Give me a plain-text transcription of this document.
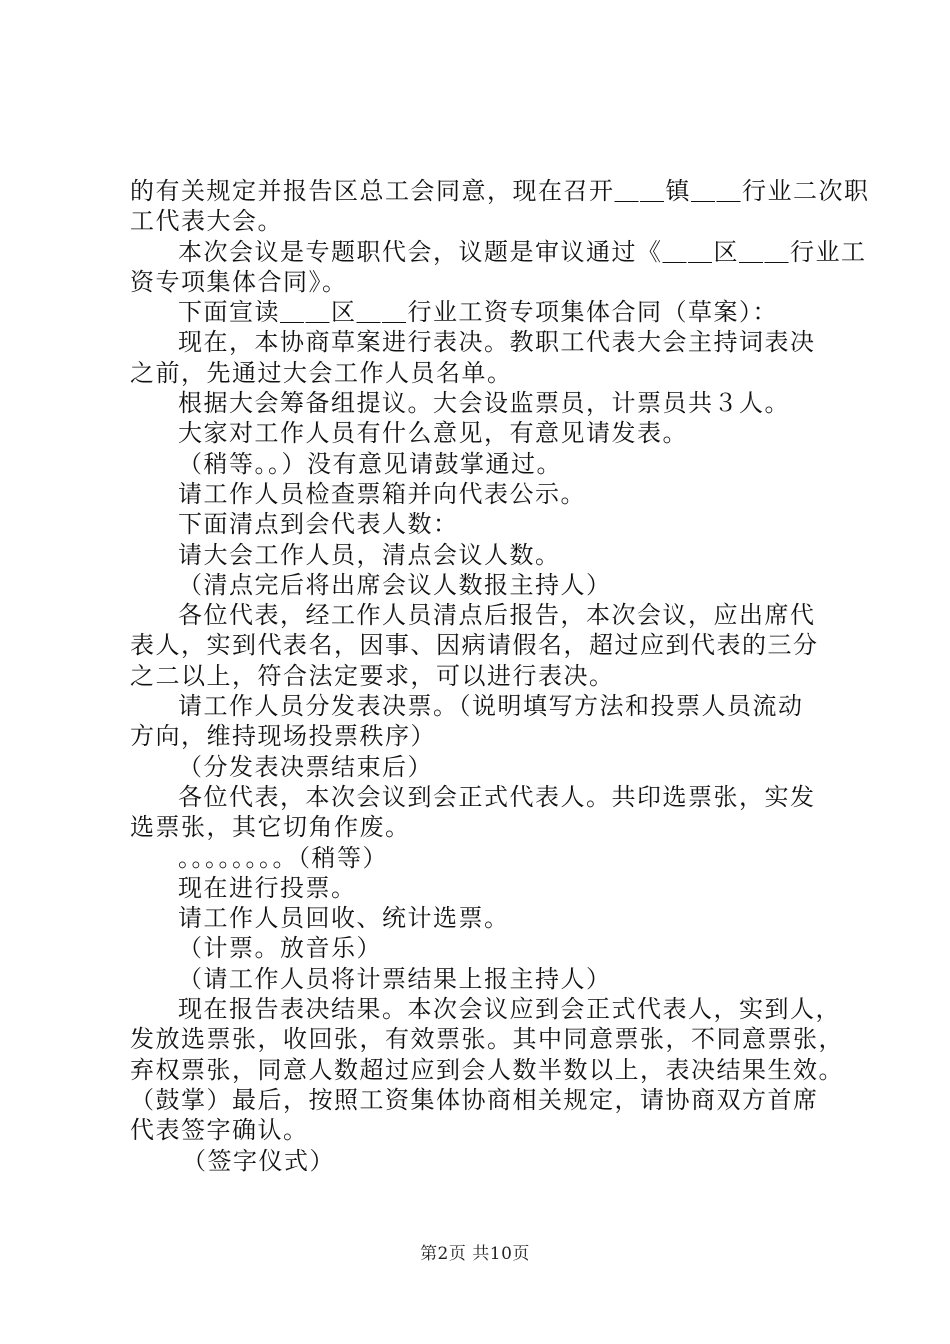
的有关规定并报告区总工会同意，现在召开＿＿镇＿＿行业二次职
工代表大会。
本次会议是专题职代会，议题是审议通过《＿＿区＿＿行业工
资专项集体合同》。
下面宣读＿＿区＿＿行业工资专项集体合同（草案）：
现在，本协商草案进行表决。教职工代表大会主持词表决
之前，先通过大会工作人员名单。
根据大会筹备组提议。大会设监票员，计票员共３人。
大家对工作人员有什么意见，有意见请发表。
（稍等。。）没有意见请鼓掌通过。
请工作人员检查票箱并向代表公示。
下面清点到会代表人数：
请大会工作人员，清点会议人数。
（清点完后将出席会议人数报主持人）
各位代表，经工作人员清点后报告，本次会议，应出席代
表人，实到代表名，因事、因病请假名，超过应到代表的三分
之二以上，符合法定要求，可以进行表决。
请工作人员分发表决票。（说明填写方法和投票人员流动
方向，维持现场投票秩序）
（分发表决票结束后）
各位代表，本次会议到会正式代表人。共印选票张，实发
选票张，其它切角作废。
。。。。。。。。（稍等）
现在进行投票。
请工作人员回收、统计选票。
（计票。放音乐）
（请工作人员将计票结果上报主持人）
现在报告表决结果。本次会议应到会正式代表人，实到人，
发放选票张，收回张，有效票张。其中同意票张，不同意票张，
弃权票张，同意人数超过应到会人数半数以上，表决结果生效。
（鼓掌）最后，按照工资集体协商相关规定，请协商双方首席
代表签字确认。
（签字仪式）
第2页 共10页
